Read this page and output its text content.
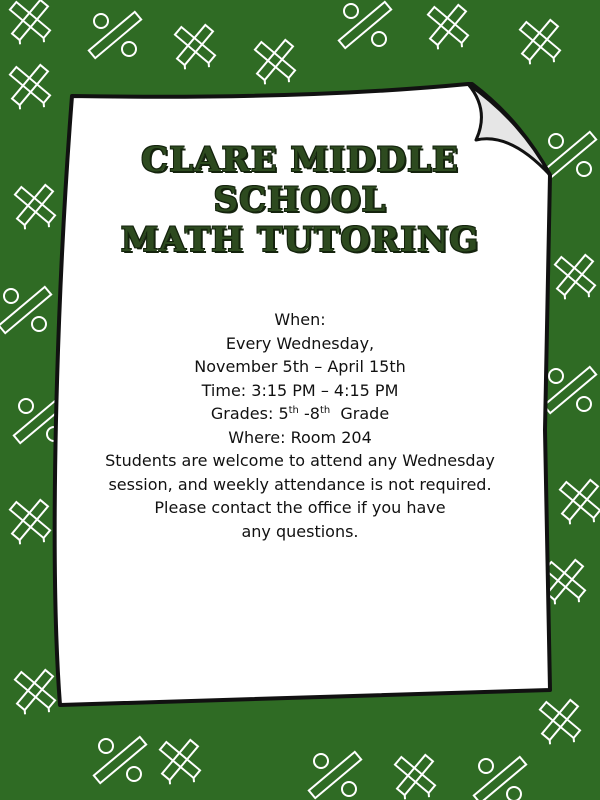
CLARE MIDDLE
SCHOOL
MATH TUTORING
When:
Every Wednesday,
November 5th – April 15th
Time: 3:15 PM – 4:15 PM
Grades: 5th -8th  Grade
Where: Room 204
Students are welcome to attend any Wednesday session, and weekly attendance is not required.
Please contact the office if you have any questions.
